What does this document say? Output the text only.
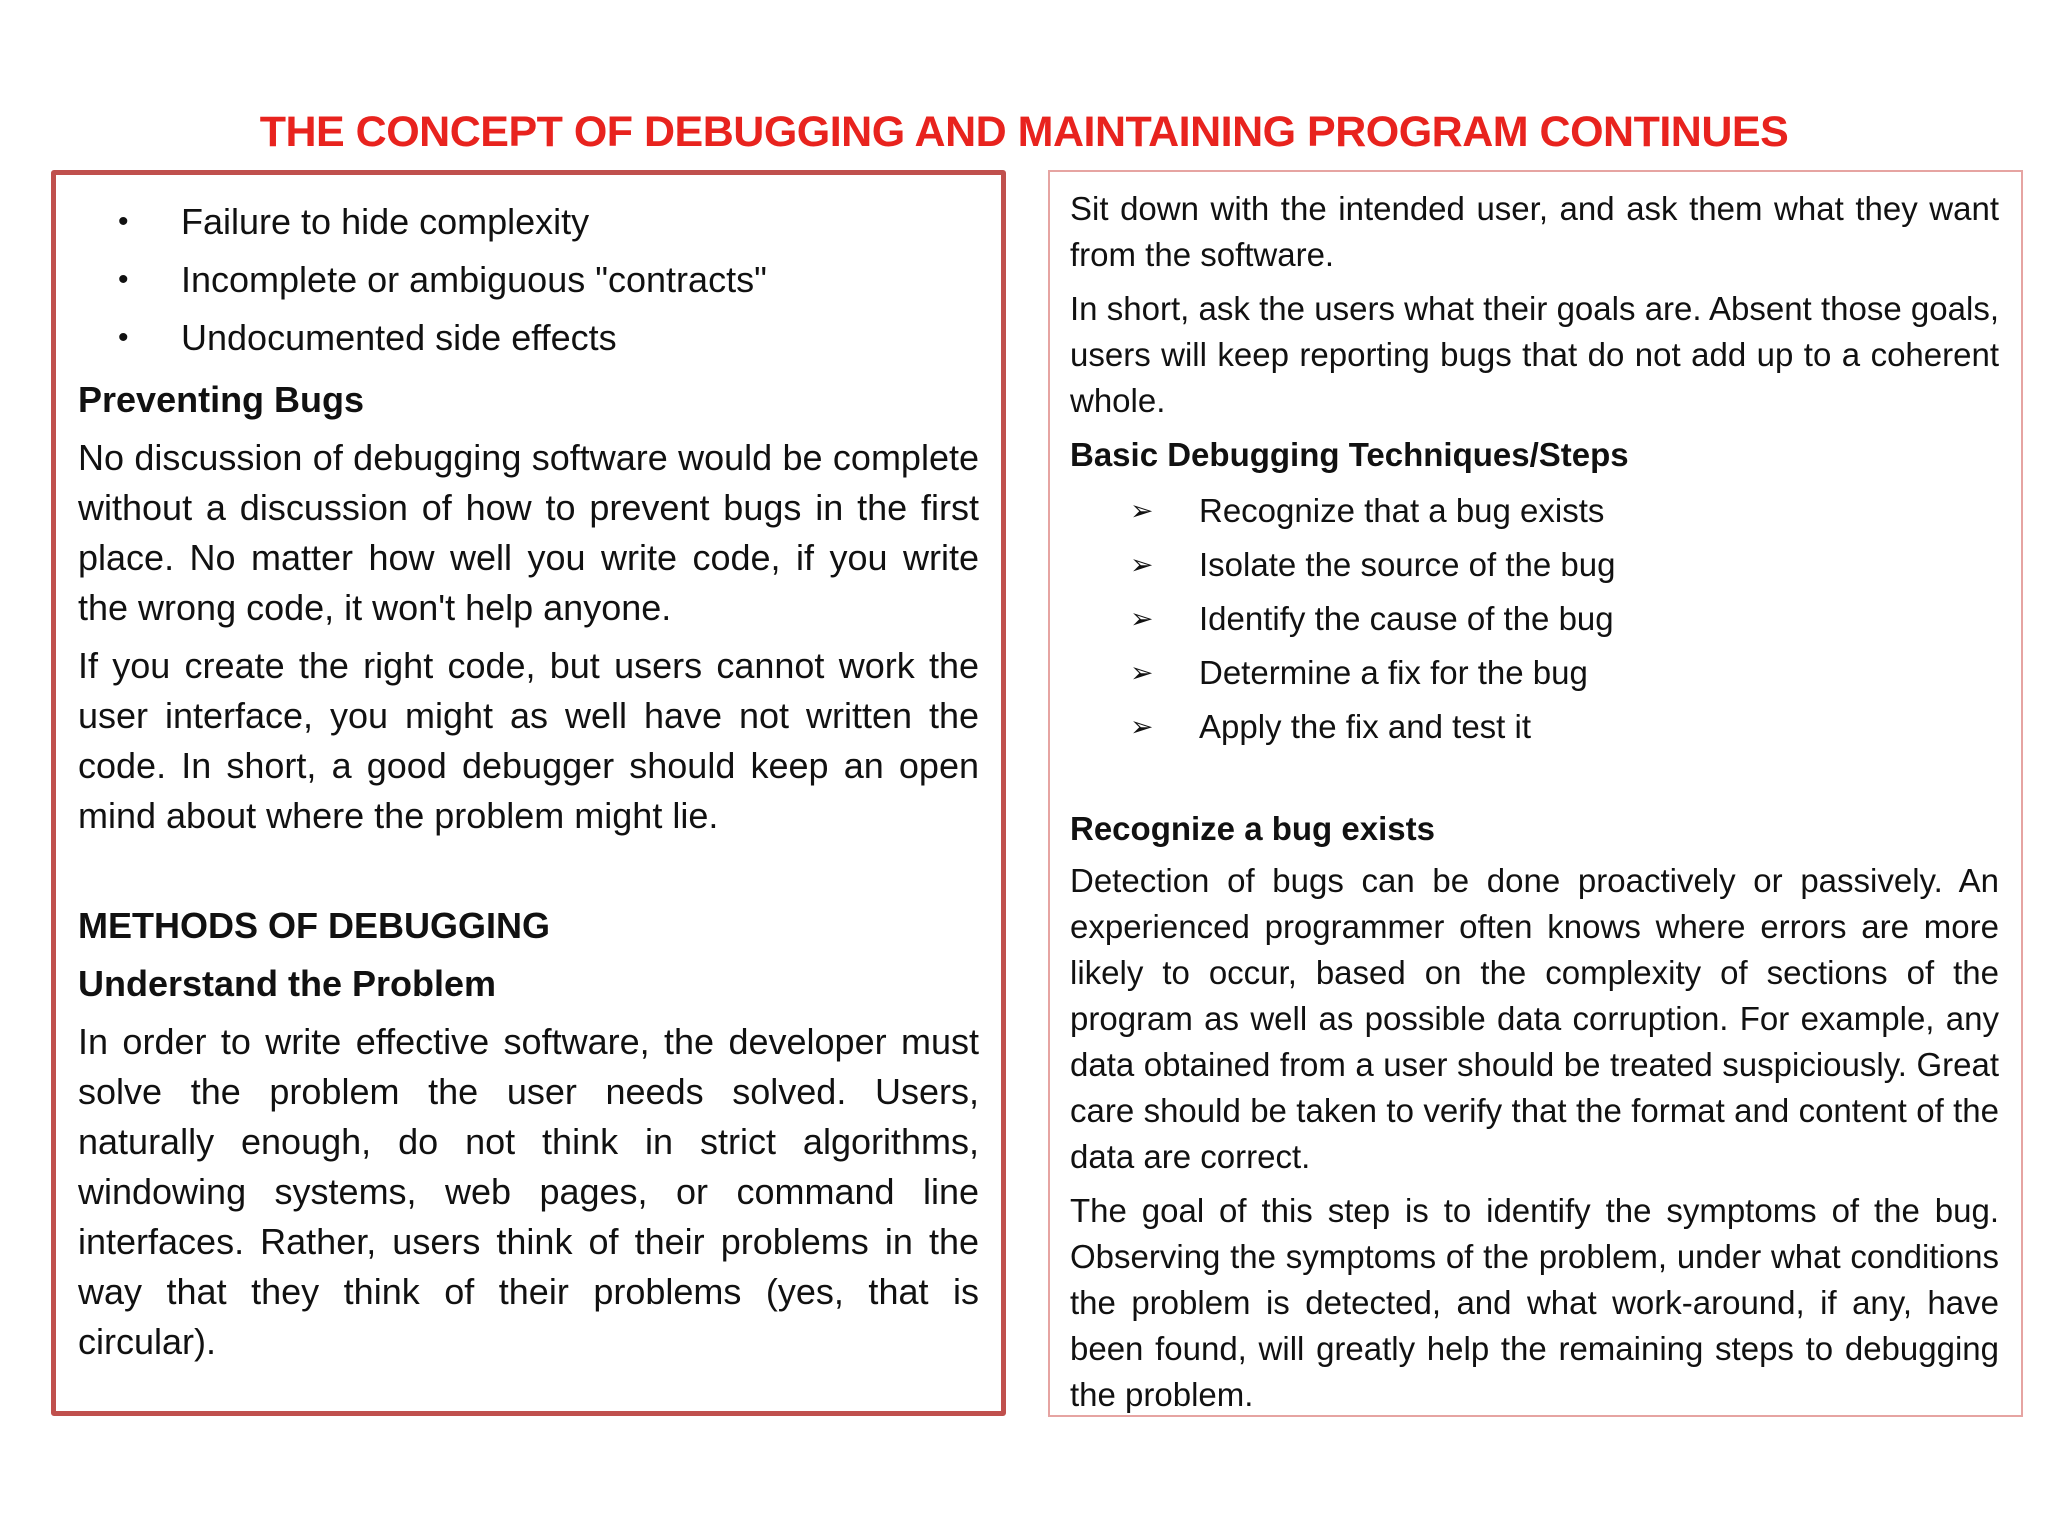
THE CONCEPT OF DEBUGGING AND MAINTAINING PROGRAM CONTINUES
• Failure to hide complexity
• Incomplete or ambiguous "contracts"
• Undocumented side effects
Preventing Bugs

No discussion of debugging software would be complete without a discussion of how to prevent bugs in the first place. No matter how well you write code, if you write the wrong code, it won't help anyone.

If you create the right code, but users cannot work the user interface, you might as well have not written the code. In short, a good debugger should keep an open mind about where the problem might lie.

METHODS OF DEBUGGING
Understand the Problem

In order to write effective software, the developer must solve the problem the user needs solved. Users, naturally enough, do not think in strict algorithms, windowing systems, web pages, or command line interfaces. Rather, users think of their problems in the way that they think of their problems (yes, that is circular).

Sit down with the intended user, and ask them what they want from the software.

In short, ask the users what their goals are. Absent those goals, users will keep reporting bugs that do not add up to a coherent whole.

Basic Debugging Techniques/Steps
➢ Recognize that a bug exists
➢ Isolate the source of the bug
➢ Identify the cause of the bug
➢ Determine a fix for the bug
➢ Apply the fix and test it
Recognize a bug exists

Detection of bugs can be done proactively or passively. An experienced programmer often knows where errors are more likely to occur, based on the complexity of sections of the program as well as possible data corruption. For example, any data obtained from a user should be treated suspiciously. Great care should be taken to verify that the format and content of the data are correct.

The goal of this step is to identify the symptoms of the bug. Observing the symptoms of the problem, under what conditions the problem is detected, and what work-around, if any, have been found, will greatly help the remaining steps to debugging the problem.
